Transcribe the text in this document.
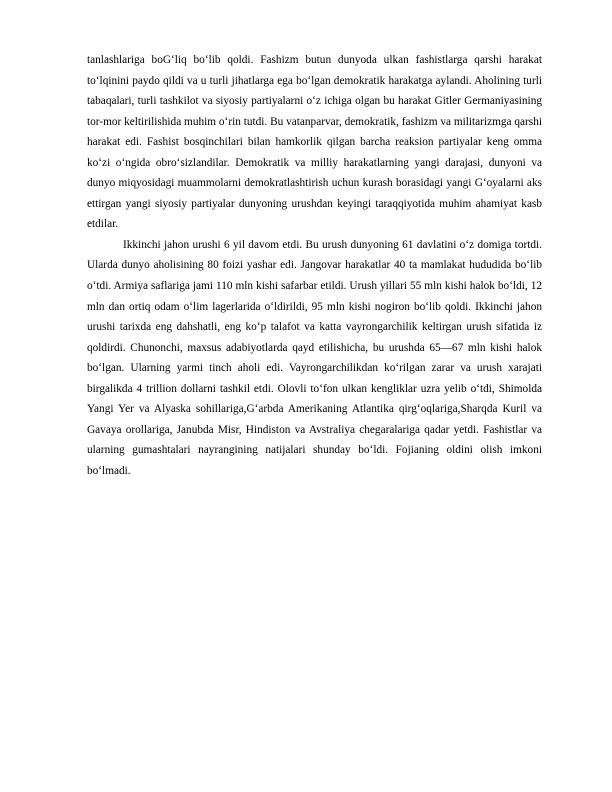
tanlashlariga boG‘liq bo‘lib qoldi. Fashizm butun dunyoda ulkan fashistlarga qarshi harakat to‘lqinini paydo qildi va u turli jihatlarga ega bo‘lgan demokratik harakatga aylandi. Aholining turli tabaqalari, turli tashkilot va siyosiy partiyalarni o‘z ichiga olgan bu harakat Gitler Germaniyasining tor-mor keltirilishida muhim o‘rin tutdi. Bu vatanparvar, demokratik, fashizm va militarizmga qarshi harakat edi. Fashist bosqinchilari bilan hamkorlik qilgan barcha reaksion partiyalar keng omma ko‘zi o‘ngida obro‘sizlandilar. Demokratik va milliy harakatlarning yangi darajasi, dunyoni va dunyo miqyosidagi muammolarni demokratlashtirish uchun kurash borasidagi yangi G‘oyalarni aks ettirgan yangi siyosiy partiyalar dunyoning urushdan keyingi taraqqiyotida muhim ahamiyat kasb etdilar.

Ikkinchi jahon urushi 6 yil davom etdi. Bu urush dunyoning 61 davlatini o‘z domiga tortdi. Ularda dunyo aholisining 80 foizi yashar edi. Jangovar harakatlar 40 ta mamlakat hududida bo‘lib o‘tdi. Armiya saflariga jami 110 mln kishi safarbar etildi. Urush yillari 55 mln kishi halok bo‘ldi, 12 mln dan ortiq odam o‘lim lagerlarida o‘ldirildi, 95 mln kishi nogiron bo‘lib qoldi. Ikkinchi jahon urushi tarixda eng dahshatli, eng ko‘p talafot va katta vayrongarchilik keltirgan urush sifatida iz qoldirdi. Chunonchi, maxsus adabiyotlarda qayd etilishicha, bu urushda 65—67 mln kishi halok bo‘lgan. Ularning yarmi tinch aholi edi. Vayrongarchilikdan ko‘rilgan zarar va urush xarajati birgalikda 4 trillion dollarni tashkil etdi. Olovli to‘fon ulkan kengliklar uzra yelib o‘tdi, Shimolda Yangi Yer va Alyaska sohillariga,G‘arbda Amerikaning Atlantika qirg‘oqlariga,Sharqda Kuril va Gavaya orollariga, Janubda Misr, Hindiston va Avstraliya chegaralariga qadar yetdi. Fashistlar va ularning gumashtalari nayrangining natijalari shunday bo‘ldi. Fojianing oldini olish imkoni bo‘lmadi.
